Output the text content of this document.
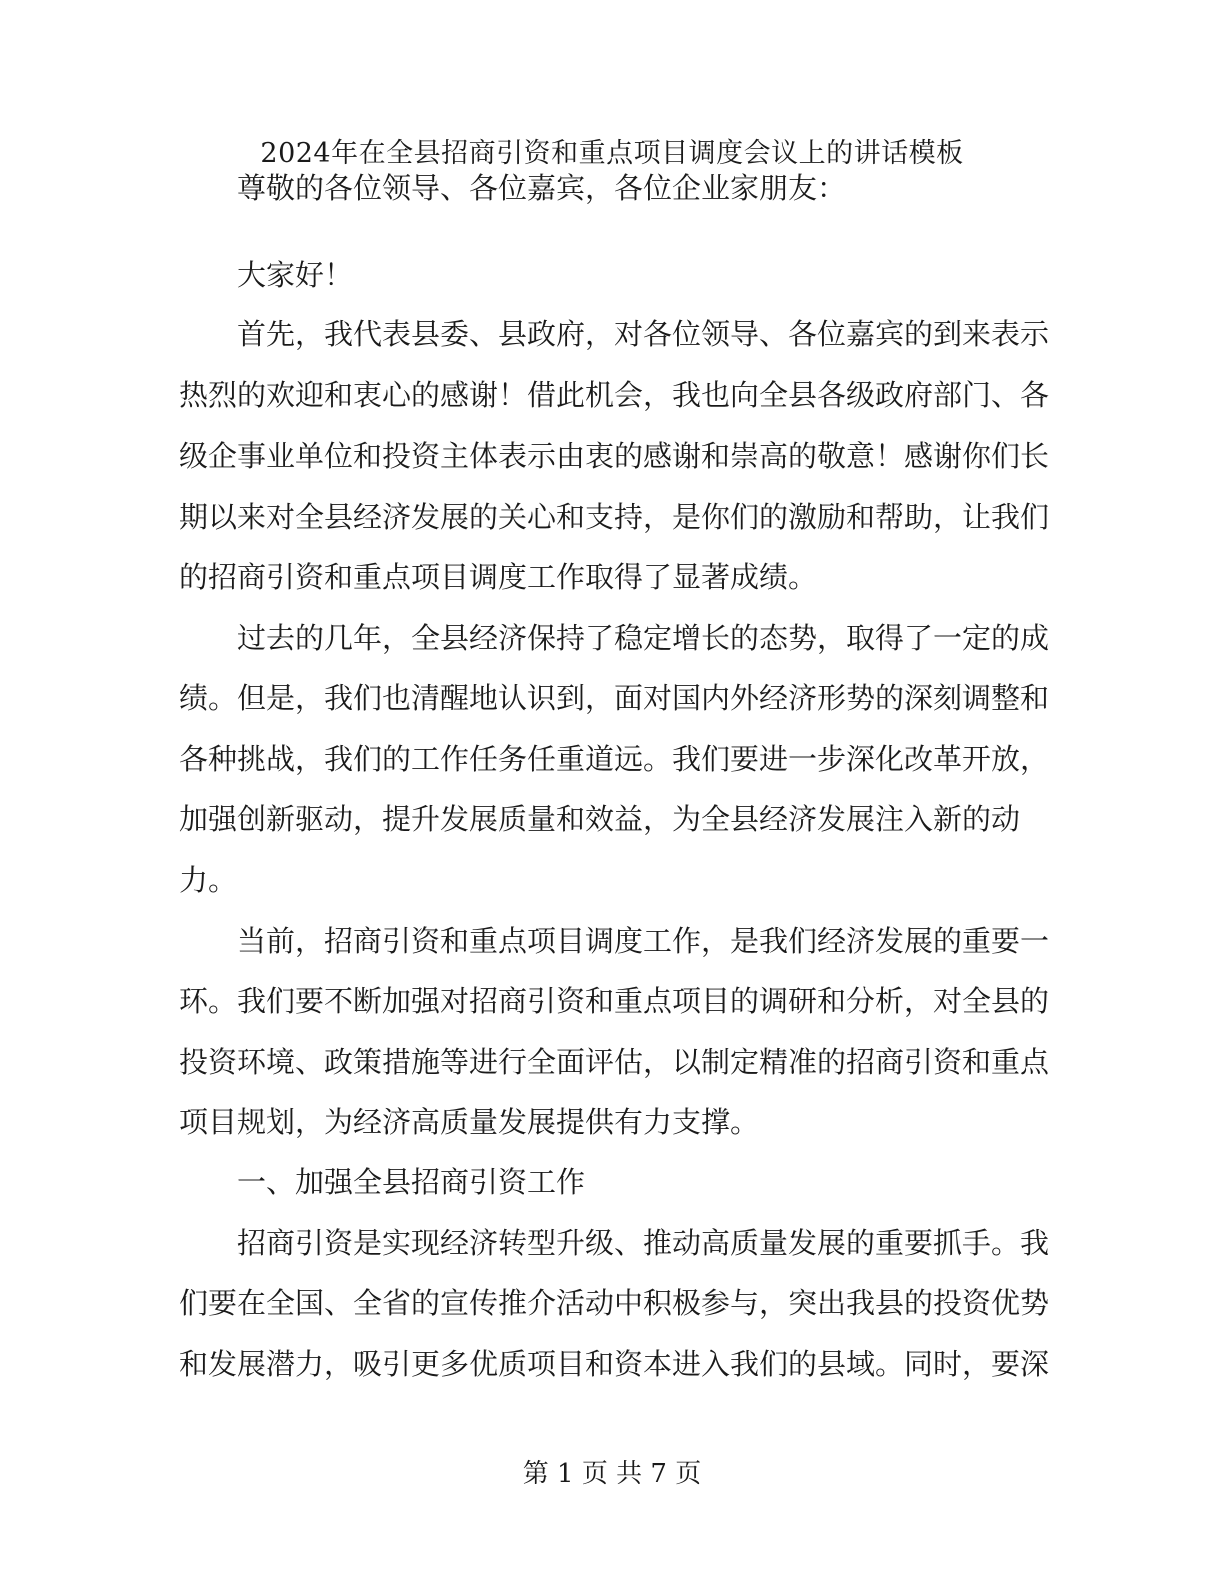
2024年在全县招商引资和重点项目调度会议上的讲话模板
尊敬的各位领导、各位嘉宾，各位企业家朋友：
大家好！
首先，我代表县委、县政府，对各位领导、各位嘉宾的到来表示
热烈的欢迎和衷心的感谢！借此机会，我也向全县各级政府部门、各
级企事业单位和投资主体表示由衷的感谢和崇高的敬意！感谢你们长
期以来对全县经济发展的关心和支持，是你们的激励和帮助，让我们
的招商引资和重点项目调度工作取得了显著成绩。
过去的几年，全县经济保持了稳定增长的态势，取得了一定的成
绩。但是，我们也清醒地认识到，面对国内外经济形势的深刻调整和
各种挑战，我们的工作任务任重道远。我们要进一步深化改革开放，
加强创新驱动，提升发展质量和效益，为全县经济发展注入新的动
力。
当前，招商引资和重点项目调度工作，是我们经济发展的重要一
环。我们要不断加强对招商引资和重点项目的调研和分析，对全县的
投资环境、政策措施等进行全面评估，以制定精准的招商引资和重点
项目规划，为经济高质量发展提供有力支撑。
一、加强全县招商引资工作
招商引资是实现经济转型升级、推动高质量发展的重要抓手。我
们要在全国、全省的宣传推介活动中积极参与，突出我县的投资优势
和发展潜力，吸引更多优质项目和资本进入我们的县域。同时，要深
第 1 页 共 7 页
